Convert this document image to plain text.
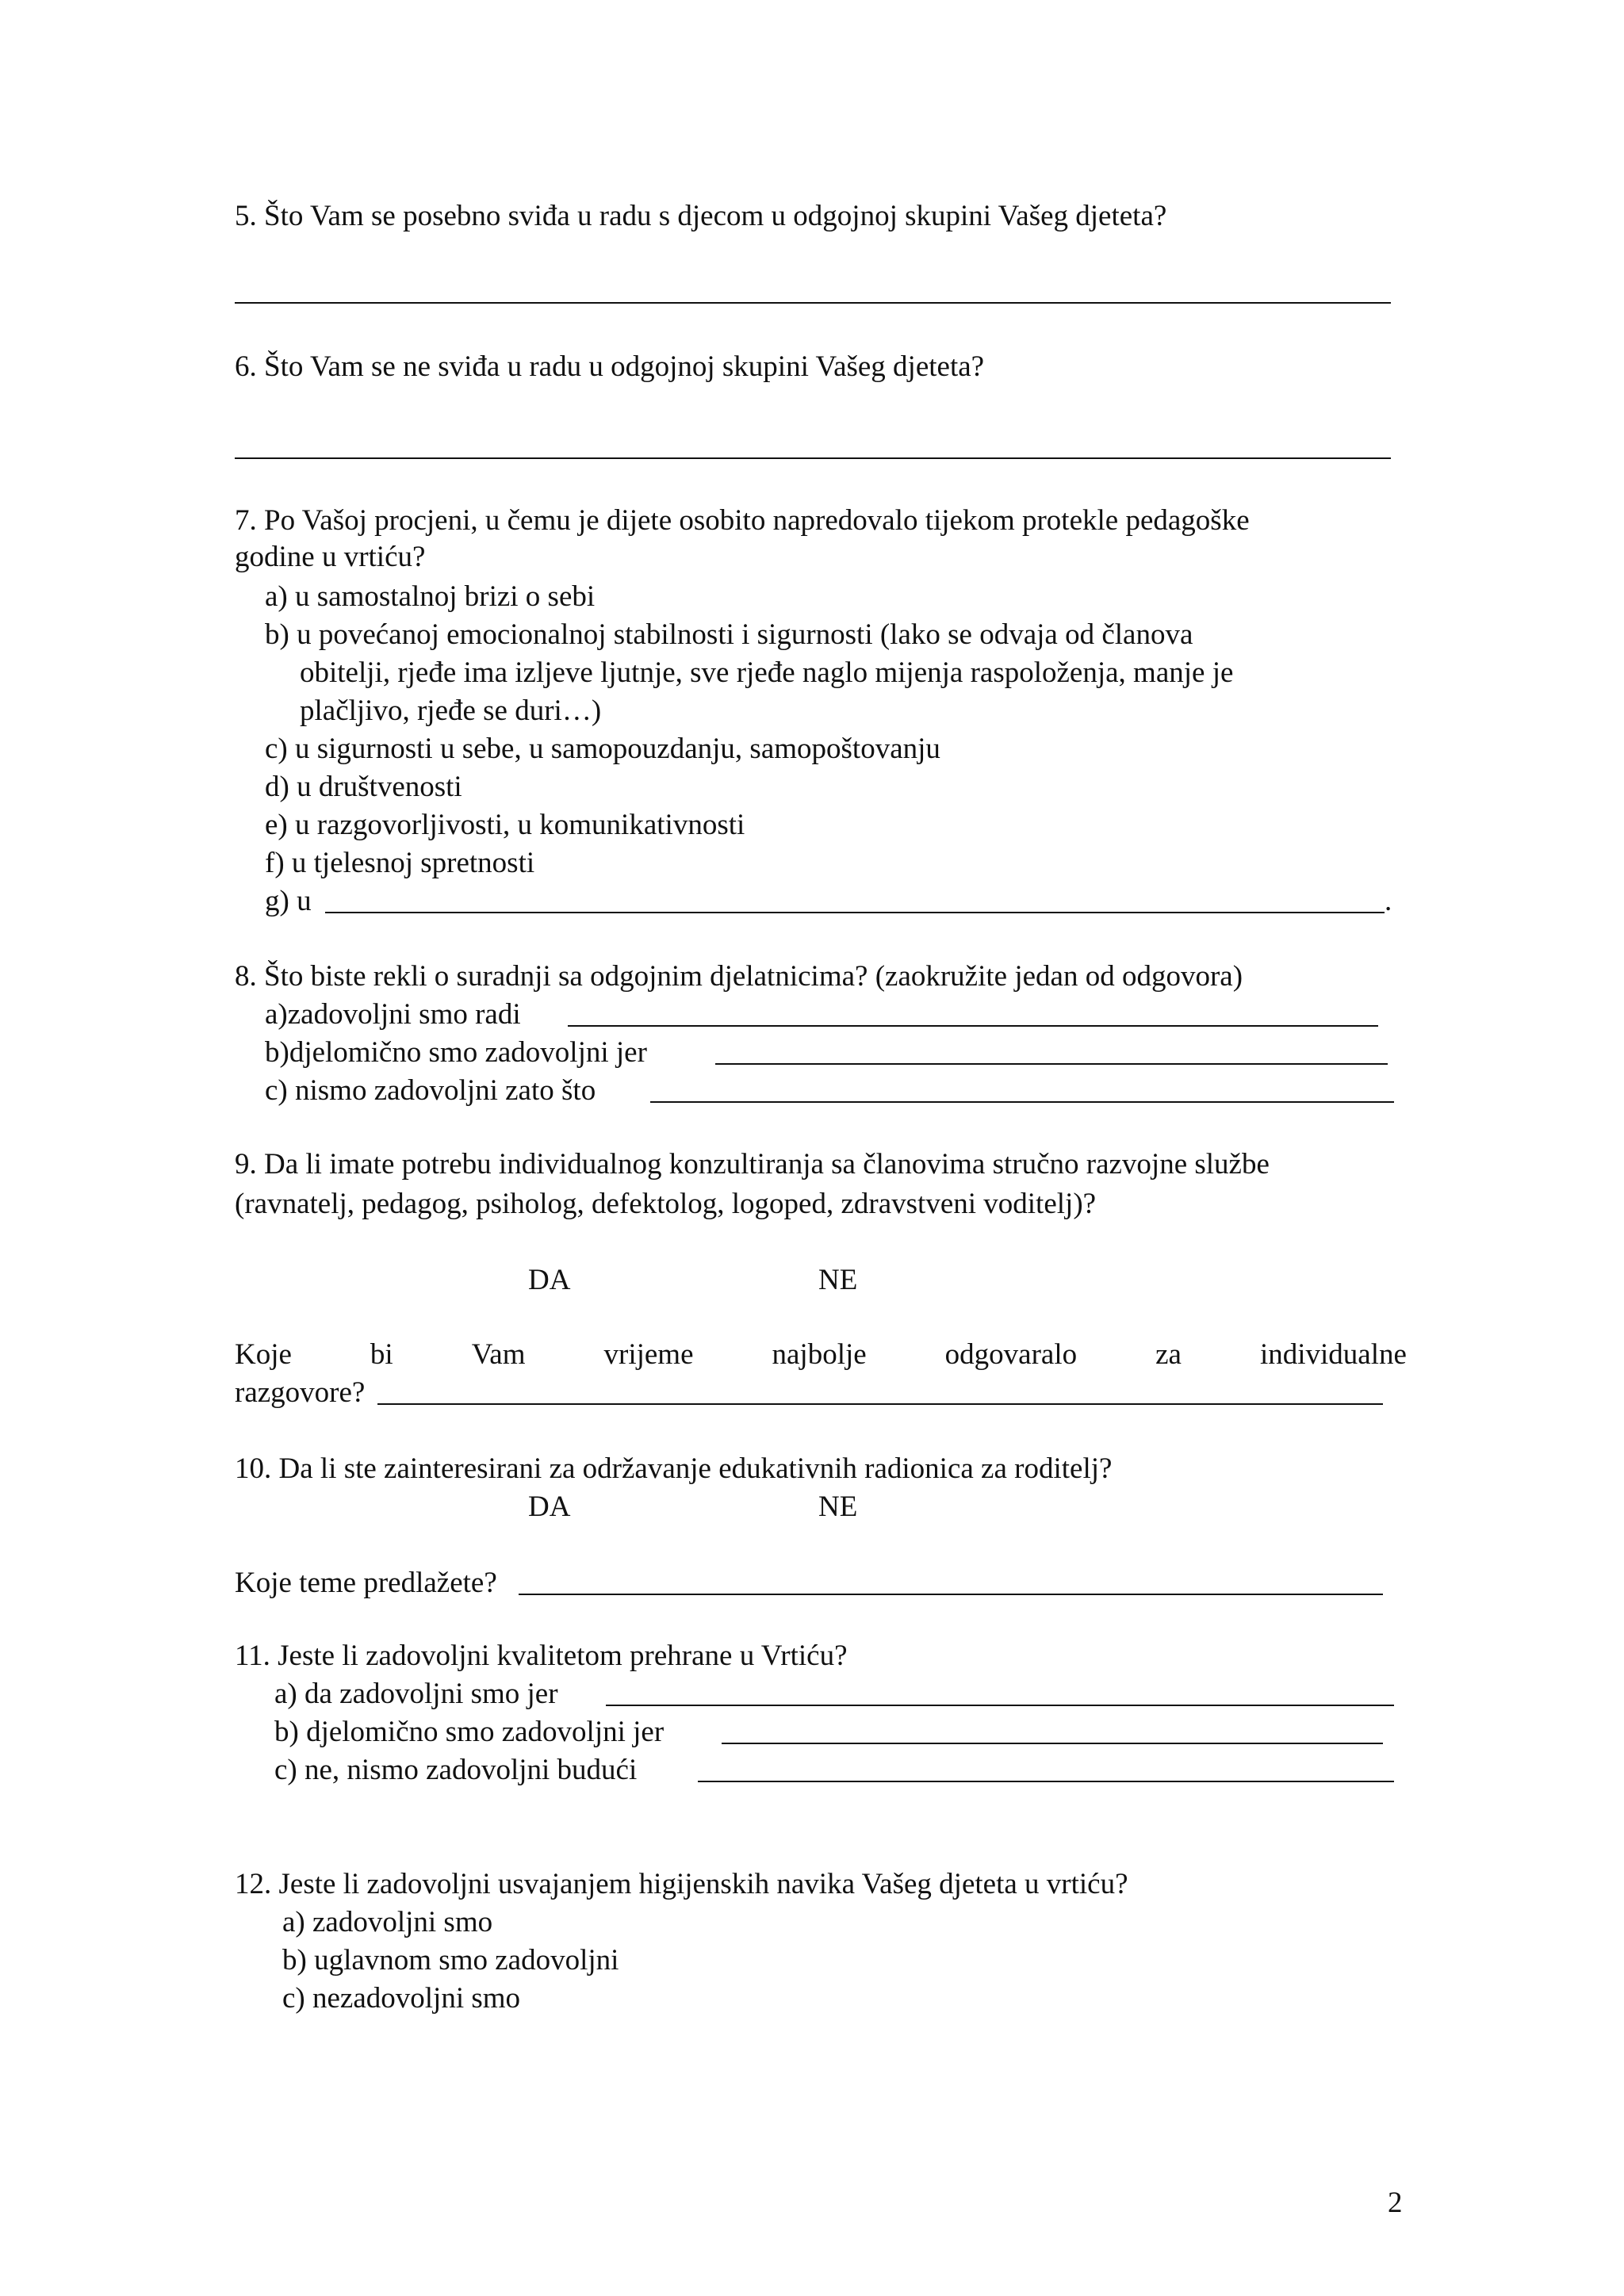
5. Što Vam se posebno sviđa u radu s djecom u odgojnoj skupini Vašeg djeteta?
6. Što Vam se ne sviđa u radu u odgojnoj skupini Vašeg djeteta?
7. Po Vašoj procjeni, u čemu je dijete osobito napredovalo tijekom protekle pedagoške
godine u vrtiću?
a) u samostalnoj brizi o sebi
b) u povećanoj emocionalnoj stabilnosti i sigurnosti (lako se odvaja od članova
obitelji, rjeđe ima izljeve ljutnje, sve rjeđe naglo mijenja raspoloženja, manje je
plačljivo, rjeđe se duri…)
c) u sigurnosti u sebe, u samopouzdanju, samopoštovanju
d) u društvenosti
e) u razgovorljivosti, u komunikativnosti
f) u tjelesnoj spretnosti
g) u	.
8. Što biste rekli o suradnji sa odgojnim djelatnicima? (zaokružite jedan od odgovora)
a)zadovoljni smo radi
b)djelomično smo zadovoljni jer
c) nismo zadovoljni zato što
9. Da li imate potrebu individualnog konzultiranja sa članovima stručno razvojne službe
(ravnatelj, pedagog, psiholog, defektolog, logoped, zdravstveni voditelj)?
DA	NE
Koje	bi	Vam	vrijeme	najbolje	odgovaralo	za	individualne
razgovore?
10. Da li ste zainteresirani za održavanje edukativnih radionica za roditelj?
DA	NE
Koje teme predlažete?
11. Jeste li zadovoljni kvalitetom prehrane u Vrtiću?
a) da zadovoljni smo jer
b) djelomično smo zadovoljni jer
c) ne, nismo zadovoljni budući
12. Jeste li zadovoljni usvajanjem higijenskih navika Vašeg djeteta u vrtiću?
a) zadovoljni smo
b) uglavnom smo zadovoljni
c) nezadovoljni smo
2
